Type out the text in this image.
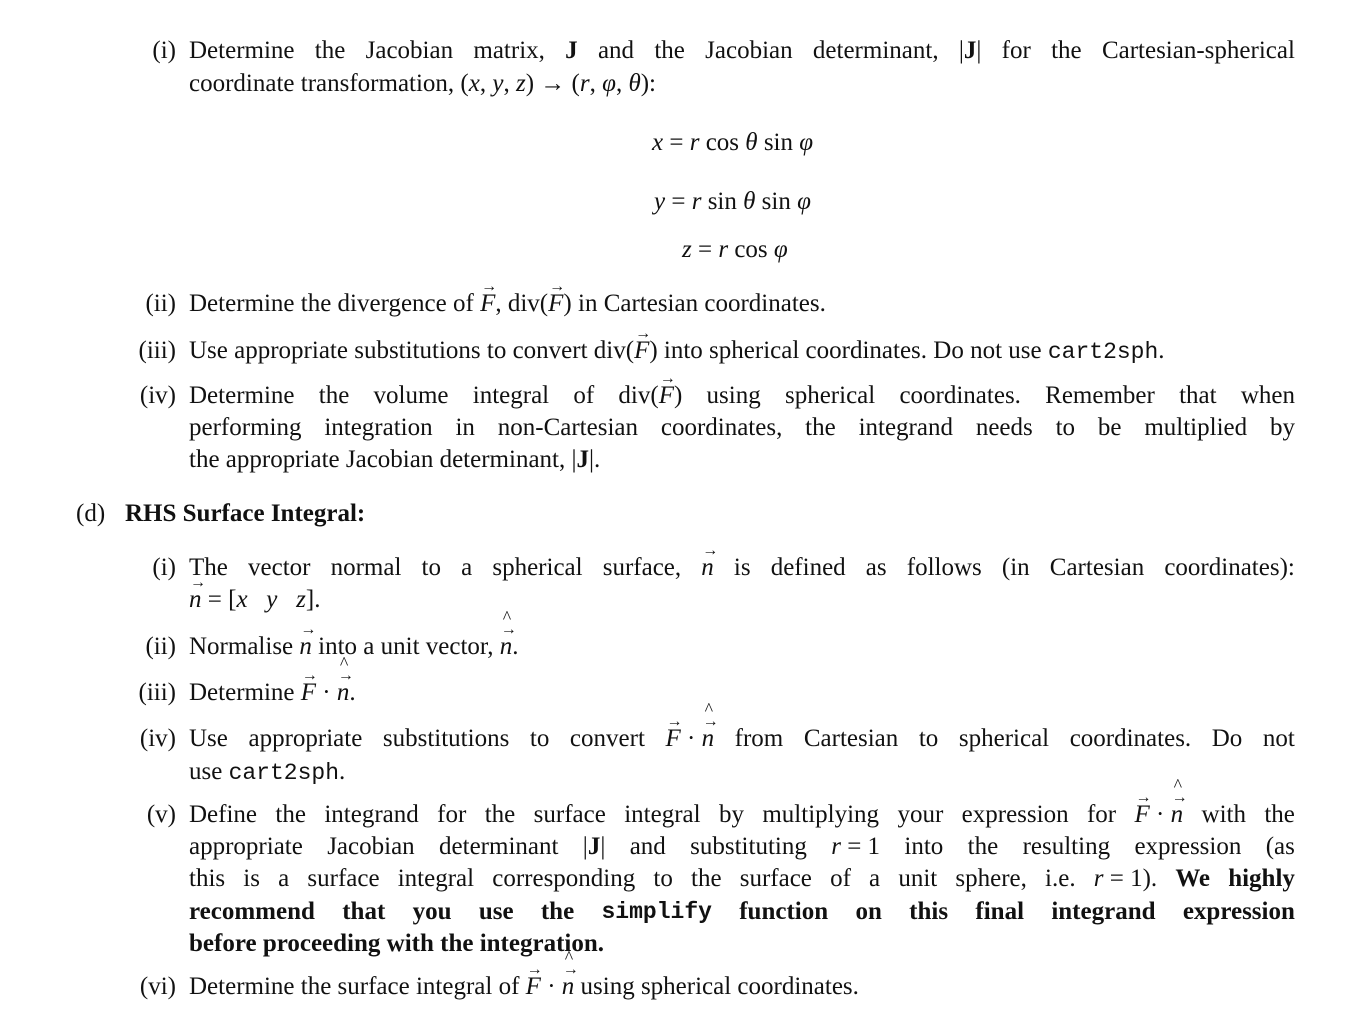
(i) Determine the Jacobian matrix, J and the Jacobian determinant, |J| for the Cartesian-spherical
coordinate transformation, (x, y, z) → (r, φ, θ):
x = r cos θ sin φ
y = r sin θ sin φ
z = r cos φ
(ii) Determine the divergence of → F, div(→ F) in Cartesian coordinates.
(iii) Use appropriate substitutions to convert div(→ F) into spherical coordinates. Do not use cart2sph.
(iv) Determine the volume integral of div(→ F) using spherical coordinates. Remember that when
performing integration in non-Cartesian coordinates, the integrand needs to be multiplied by
the appropriate Jacobian determinant, |J|.
(d) RHS Surface Integral:
(i) The vector normal to a spherical surface, → n is defined as follows (in Cartesian coordinates):
→ n = [x y z].
(ii) Normalise → n into a unit vector, → n ^.
(iii) Determine → F · → n ^.
(iv) Use appropriate substitutions to convert → F · → n ^ from Cartesian to spherical coordinates. Do not
use cart2sph.
(v) Define the integrand for the surface integral by multiplying your expression for → F · → n ^ with the
appropriate Jacobian determinant |J| and substituting r = 1 into the resulting expression (as
this is a surface integral corresponding to the surface of a unit sphere, i.e. r = 1). We highly
recommend that you use the simplify function on this final integrand expression
before proceeding with the integration.
(vi) Determine the surface integral of → F · → n ^ using spherical coordinates.
